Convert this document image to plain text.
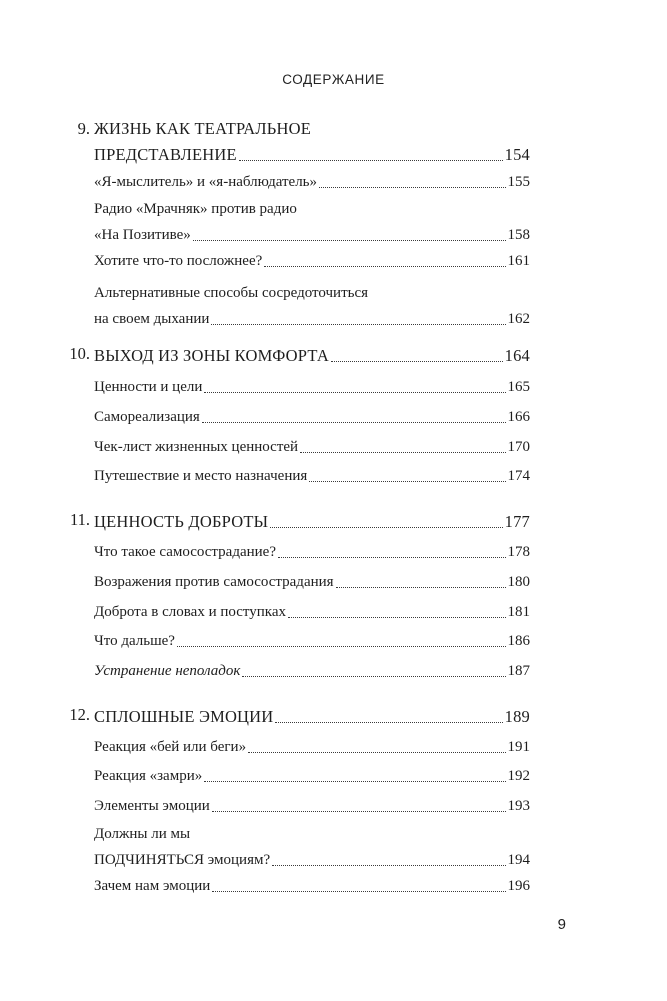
СОДЕРЖАНИЕ
9. ЖИЗНЬ КАК ТЕАТРАЛЬНОЕ
ПРЕДСТАВЛЕНИЕ	154
«Я-мыслитель» и «я-наблюдатель»	155
Радио «Мрачняк» против радио
«На Позитиве»	158
Хотите что-то посложнее?	161
Альтернативные способы сосредоточиться
на своем дыхании	162
10. ВЫХОД ИЗ ЗОНЫ КОМФОРТА	164
Ценности и цели	165
Самореализация	166
Чек-лист жизненных ценностей	170
Путешествие и место назначения	174
11. ЦЕННОСТЬ ДОБРОТЫ	177
Что такое самосострадание?	178
Возражения против самосострадания	180
Доброта в словах и поступках	181
Что дальше?	186
Устранение неполадок	187
12. СПЛОШНЫЕ ЭМОЦИИ	189
Реакция «бей или беги»	191
Реакция «замри»	192
Элементы эмоции	193
Должны ли мы
ПОДЧИНЯТЬСЯ эмоциям?	194
Зачем нам эмоции	196
9
